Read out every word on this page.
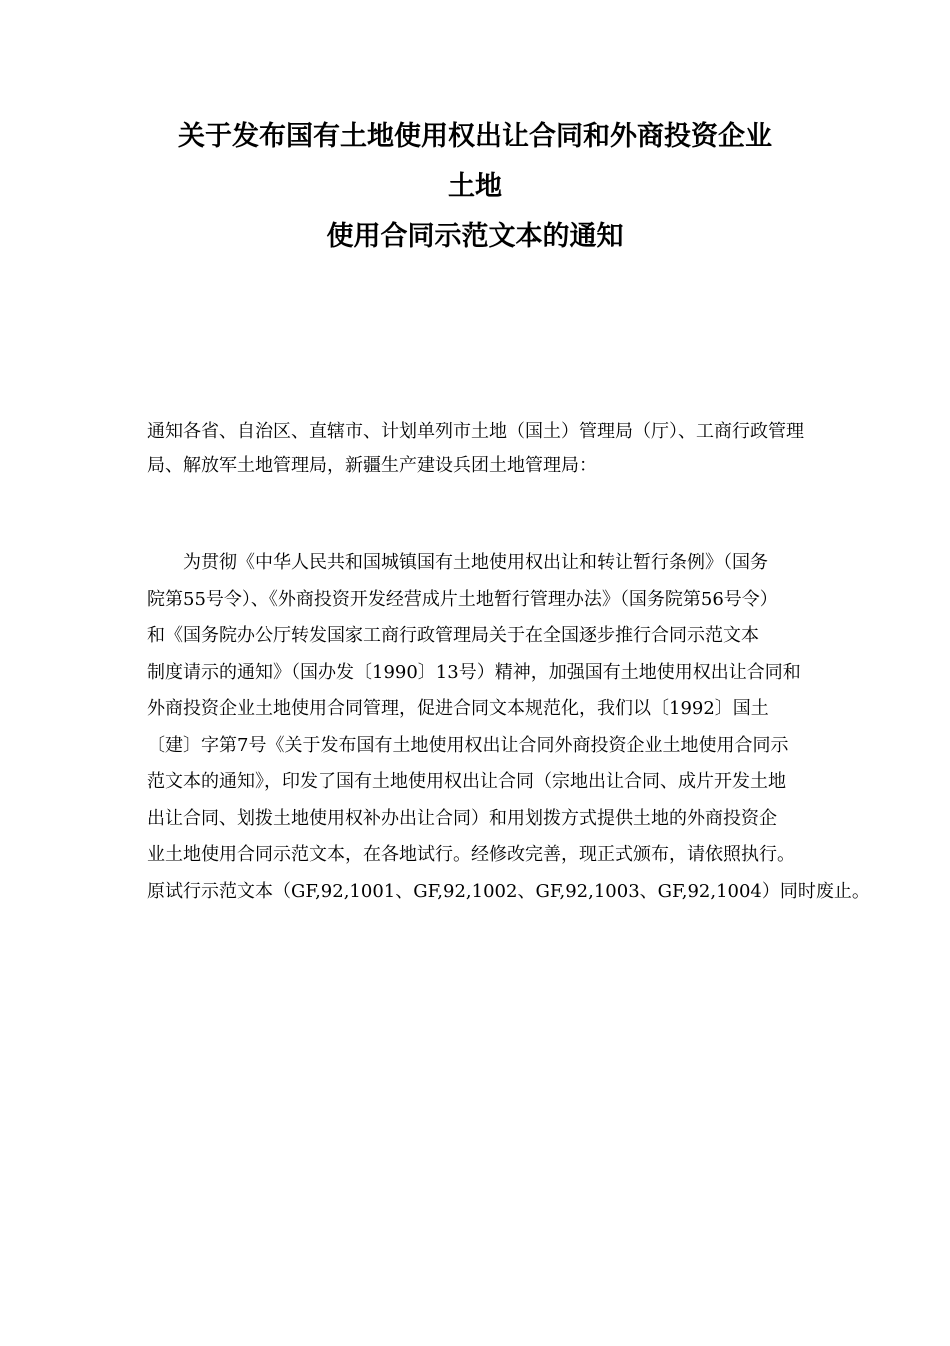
关于发布国有土地使用权出让合同和外商投资企业
土地
使用合同示范文本的通知
通知各省、自治区、直辖市、计划单列市土地（国土）管理局（厅）、工商行政管理
局、解放军土地管理局，新疆生产建设兵团土地管理局：
　　为贯彻《中华人民共和国城镇国有土地使用权出让和转让暂行条例》（国务
院第55号令）、《外商投资开发经营成片土地暂行管理办法》（国务院第56号令）
和《国务院办公厅转发国家工商行政管理局关于在全国逐步推行合同示范文本
制度请示的通知》（国办发〔1990〕13号）精神，加强国有土地使用权出让合同和
外商投资企业土地使用合同管理，促进合同文本规范化，我们以〔1992〕国土
〔建〕字第7号《关于发布国有土地使用权出让合同外商投资企业土地使用合同示
范文本的通知》，印发了国有土地使用权出让合同（宗地出让合同、成片开发土地
出让合同、划拨土地使用权补办出让合同）和用划拨方式提供土地的外商投资企
业土地使用合同示范文本，在各地试行。经修改完善，现正式颁布，请依照执行。
原试行示范文本（GF,92,1001、GF,92,1002、GF,92,1003、GF,92,1004）同时废止。
